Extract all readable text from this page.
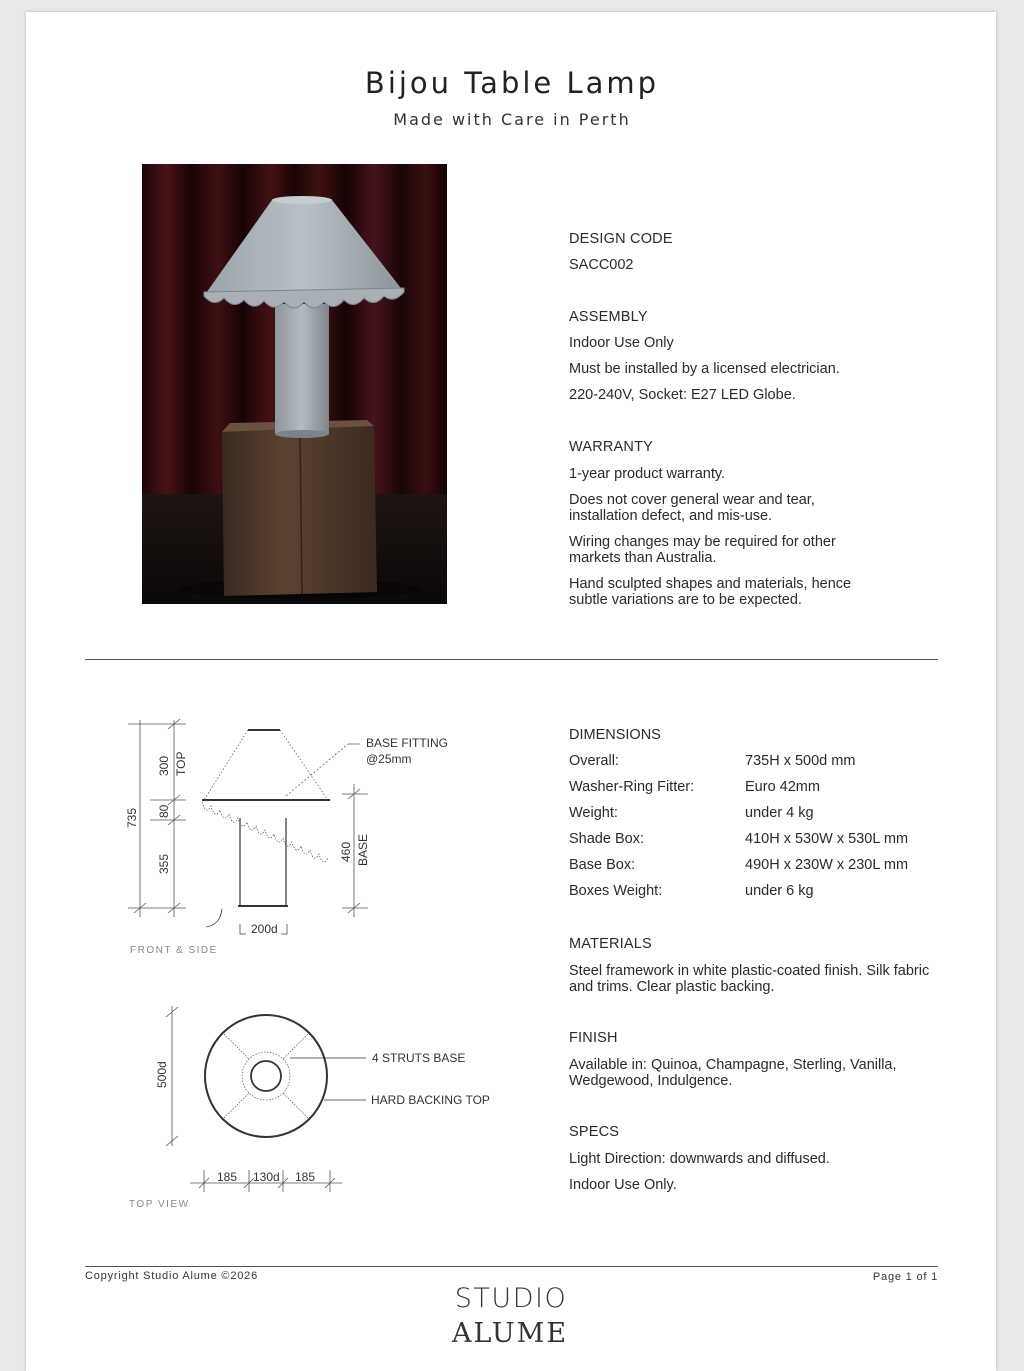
Bijou Table Lamp
Made with Care in Perth
DESIGN CODE
SACC002
ASSEMBLY
Indoor Use Only
Must be installed by a licensed electrician.
220-240V, Socket: E27 LED Globe.
WARRANTY
1-year product warranty.
Does not cover general wear and tear, installation defect, and mis-use.
Wiring changes may be required for other markets than Australia.
Hand sculpted shapes and materials, hence subtle variations are to be expected.
735
300 TOP
80
355
460 BASE
200d
BASE FITTING
@25mm
FRONT & SIDE
500d
4 STRUTS BASE
HARD BACKING TOP
185 130d 185
TOP VIEW
DIMENSIONS
Overall:	735H x 500d mm
Washer-Ring Fitter:	Euro 42mm
Weight:	under 4 kg
Shade Box:	410H x 530W x 530L mm
Base Box:	490H x 230W x 230L mm
Boxes Weight:	under 6 kg
MATERIALS
Steel framework in white plastic-coated finish. Silk fabric and trims. Clear plastic backing.
FINISH
Available in: Quinoa, Champagne, Sterling, Vanilla, Wedgewood, Indulgence.
SPECS
Light Direction: downwards and diffused.
Indoor Use Only.
Copyright Studio Alume ©2026	Page 1 of 1
STUDIO
ALUME
